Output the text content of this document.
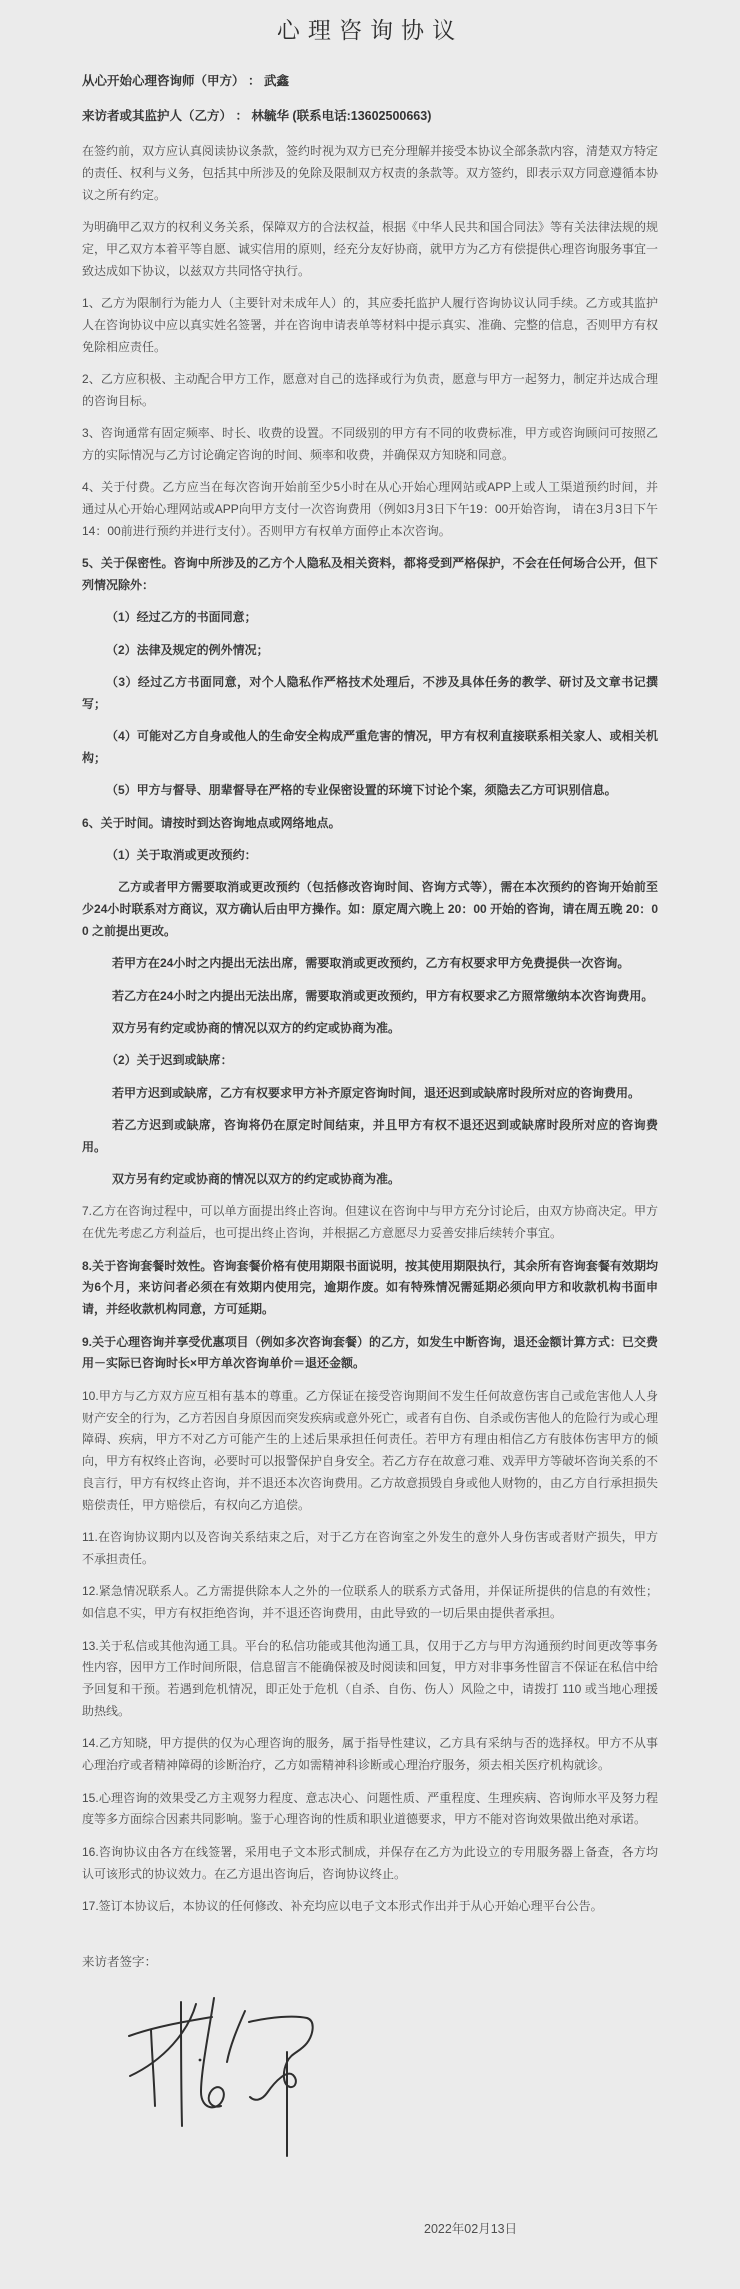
心理咨询协议

从心开始心理咨询师（甲方） ： 武鑫

来访者或其监护人（乙方） ： 林毓华 (联系电话:13602500663)

在签约前，双方应认真阅读协议条款，签约时视为双方已充分理解并接受本协议全部条款内容，清楚双方特定的责任、权利与义务，包括其中所涉及的免除及限制双方权责的条款等。双方签约，即表示双方同意遵循本协议之所有约定。

为明确甲乙双方的权利义务关系，保障双方的合法权益，根据《中华人民共和国合同法》等有关法律法规的规定，甲乙双方本着平等自愿、诚实信用的原则，经充分友好协商，就甲方为乙方有偿提供心理咨询服务事宜一致达成如下协议，以兹双方共同恪守执行。

1、乙方为限制行为能力人（主要针对未成年人）的，其应委托监护人履行咨询协议认同手续。乙方或其监护人在咨询协议中应以真实姓名签署，并在咨询申请表单等材料中提示真实、准确、完整的信息，否则甲方有权免除相应责任。

2、乙方应积极、主动配合甲方工作，愿意对自己的选择或行为负责，愿意与甲方一起努力，制定并达成合理的咨询目标。

3、咨询通常有固定频率、时长、收费的设置。不同级别的甲方有不同的收费标准，甲方或咨询顾问可按照乙方的实际情况与乙方讨论确定咨询的时间、频率和收费，并确保双方知晓和同意。

4、关于付费。乙方应当在每次咨询开始前至少5小时在从心开始心理网站或APP上或人工渠道预约时间，并通过从心开始心理网站或APP向甲方支付一次咨询费用（例如3月3日下午19：00开始咨询， 请在3月3日下午14：00前进行预约并进行支付）。否则甲方有权单方面停止本次咨询。

5、关于保密性。咨询中所涉及的乙方个人隐私及相关资料，都将受到严格保护，不会在任何场合公开，但下列情况除外：

（1）经过乙方的书面同意；

（2）法律及规定的例外情况；

（3）经过乙方书面同意，对个人隐私作严格技术处理后，不涉及具体任务的教学、研讨及文章书记撰写；

（4）可能对乙方自身或他人的生命安全构成严重危害的情况，甲方有权利直接联系相关家人、或相关机构；

（5）甲方与督导、朋辈督导在严格的专业保密设置的环境下讨论个案，须隐去乙方可识别信息。

6、关于时间。请按时到达咨询地点或网络地点。

（1）关于取消或更改预约：

乙方或者甲方需要取消或更改预约（包括修改咨询时间、咨询方式等），需在本次预约的咨询开始前至少24小时联系对方商议，双方确认后由甲方操作。如：原定周六晚上 20：00 开始的咨询，请在周五晚 20：00 之前提出更改。

若甲方在24小时之内提出无法出席，需要取消或更改预约，乙方有权要求甲方免费提供一次咨询。

若乙方在24小时之内提出无法出席，需要取消或更改预约，甲方有权要求乙方照常缴纳本次咨询费用。

双方另有约定或协商的情况以双方的约定或协商为准。

（2）关于迟到或缺席：

若甲方迟到或缺席，乙方有权要求甲方补齐原定咨询时间，退还迟到或缺席时段所对应的咨询费用。

若乙方迟到或缺席，咨询将仍在原定时间结束，并且甲方有权不退还迟到或缺席时段所对应的咨询费用。

双方另有约定或协商的情况以双方的约定或协商为准。

7.乙方在咨询过程中，可以单方面提出终止咨询。但建议在咨询中与甲方充分讨论后，由双方协商决定。甲方在优先考虑乙方利益后，也可提出终止咨询，并根据乙方意愿尽力妥善安排后续转介事宜。

8.关于咨询套餐时效性。咨询套餐价格有使用期限书面说明，按其使用期限执行，其余所有咨询套餐有效期均为6个月，来访问者必须在有效期内使用完，逾期作废。如有特殊情况需延期必须向甲方和收款机构书面申请，并经收款机构同意，方可延期。

9.关于心理咨询并享受优惠项目（例如多次咨询套餐）的乙方，如发生中断咨询，退还金额计算方式：已交费用－实际已咨询时长×甲方单次咨询单价＝退还金额。

10.甲方与乙方双方应互相有基本的尊重。乙方保证在接受咨询期间不发生任何故意伤害自己或危害他人人身财产安全的行为，乙方若因自身原因而突发疾病或意外死亡，或者有自伤、自杀或伤害他人的危险行为或心理障碍、疾病，甲方不对乙方可能产生的上述后果承担任何责任。若甲方有理由相信乙方有肢体伤害甲方的倾向，甲方有权终止咨询，必要时可以报警保护自身安全。若乙方存在故意刁难、戏弄甲方等破坏咨询关系的不良言行，甲方有权终止咨询，并不退还本次咨询费用。乙方故意损毁自身或他人财物的，由乙方自行承担损失赔偿责任，甲方赔偿后，有权向乙方追偿。

11.在咨询协议期内以及咨询关系结束之后，对于乙方在咨询室之外发生的意外人身伤害或者财产损失，甲方不承担责任。

12.紧急情况联系人。乙方需提供除本人之外的一位联系人的联系方式备用，并保证所提供的信息的有效性；如信息不实，甲方有权拒绝咨询，并不退还咨询费用，由此导致的一切后果由提供者承担。

13.关于私信或其他沟通工具。平台的私信功能或其他沟通工具，仅用于乙方与甲方沟通预约时间更改等事务性内容，因甲方工作时间所限，信息留言不能确保被及时阅读和回复，甲方对非事务性留言不保证在私信中给予回复和干预。若遇到危机情况，即正处于危机（自杀、自伤、伤人）风险之中，请拨打 110 或当地心理援助热线。

14.乙方知晓，甲方提供的仅为心理咨询的服务，属于指导性建议，乙方具有采纳与否的选择权。甲方不从事心理治疗或者精神障碍的诊断治疗，乙方如需精神科诊断或心理治疗服务，须去相关医疗机构就诊。

15.心理咨询的效果受乙方主观努力程度、意志决心、问题性质、严重程度、生理疾病、咨询师水平及努力程度等多方面综合因素共同影响。鉴于心理咨询的性质和职业道德要求，甲方不能对咨询效果做出绝对承诺。

16.咨询协议由各方在线签署，采用电子文本形式制成，并保存在乙方为此设立的专用服务器上备查，各方均认可该形式的协议效力。在乙方退出咨询后，咨询协议终止。

17.签订本协议后，本协议的任何修改、补充均应以电子文本形式作出并于从心开始心理平台公告。

来访者签字：

2022年02月13日
